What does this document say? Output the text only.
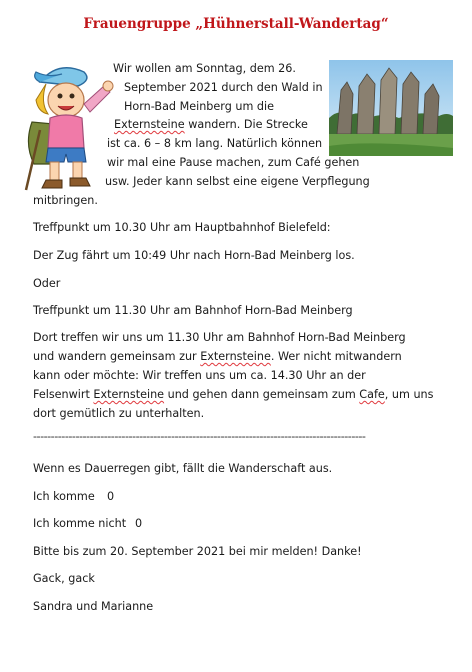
Frauengruppe „Hühnerstall-Wandertag“
Wir wollen am Sonntag, dem 26.
September 2021 durch den Wald in
Horn-Bad Meinberg um die
Externsteine wandern. Die Strecke
ist ca. 6 – 8 km lang. Natürlich können
wir mal eine Pause machen, zum Café gehen
usw. Jeder kann selbst eine eigene Verpflegung
mitbringen.
Treffpunkt um 10.30 Uhr am Hauptbahnhof Bielefeld:
Der Zug fährt um 10:49 Uhr nach Horn-Bad Meinberg los.
Oder
Treffpunkt um 11.30 Uhr am Bahnhof Horn-Bad Meinberg
Dort treffen wir uns um 11.30 Uhr am Bahnhof Horn-Bad Meinberg
und wandern gemeinsam zur Externsteine. Wer nicht mitwandern
kann oder möchte: Wir treffen uns um ca. 14.30 Uhr an der
Felsenwirt Externsteine und gehen dann gemeinsam zum Cafe, um uns
dort gemütlich zu unterhalten.
----------------------------------------------------------------------------------------------
Wenn es Dauerregen gibt, fällt die Wanderschaft aus.
Ich komme 0
Ich komme nicht 0
Bitte bis zum 20. September 2021 bei mir melden! Danke!
Gack, gack
Sandra und Marianne
